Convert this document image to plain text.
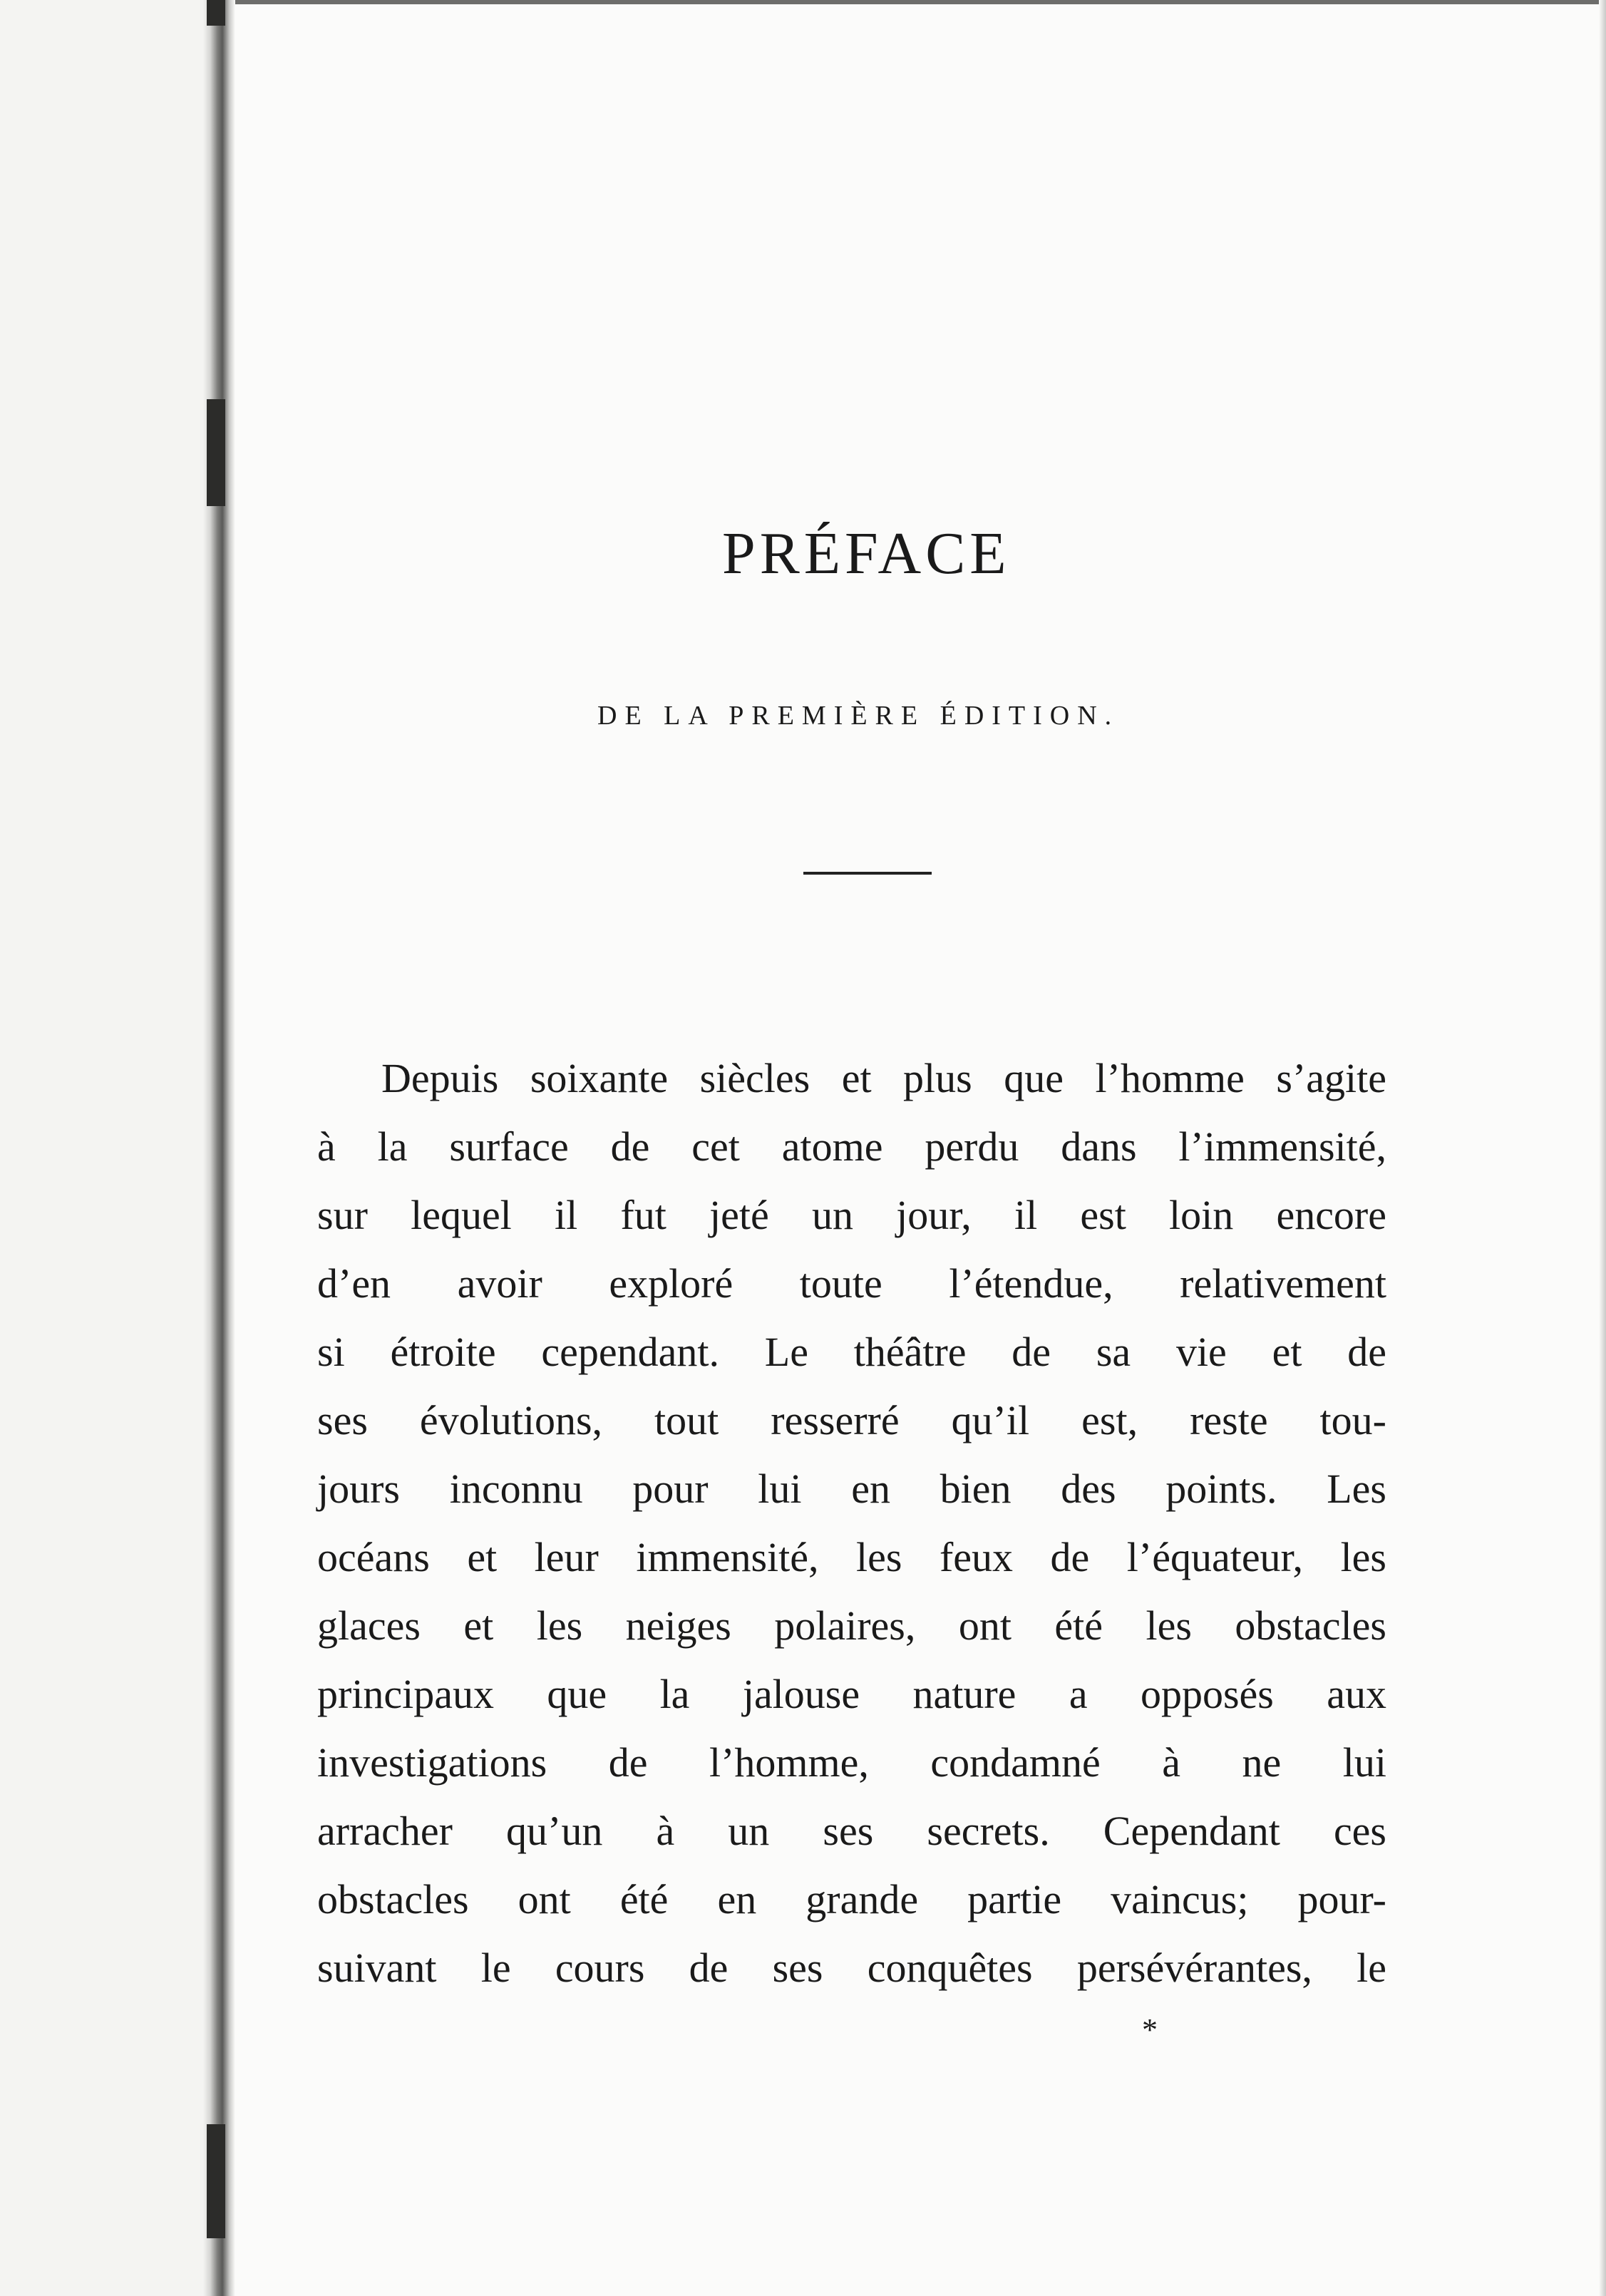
PRÉFACE
DE LA PREMIÈRE ÉDITION.
Depuis soixante siècles et plus que l’homme s’agite
à la surface de cet atome perdu dans l’immensité,
sur lequel il fut jeté un jour, il est loin encore
d’en avoir exploré toute l’étendue, relativement
si étroite cependant. Le théâtre de sa vie et de
ses évolutions, tout resserré qu’il est, reste tou-
jours inconnu pour lui en bien des points. Les
océans et leur immensité, les feux de l’équateur, les
glaces et les neiges polaires, ont été les obstacles
principaux que la jalouse nature a opposés aux
investigations de l’homme, condamné à ne lui
arracher qu’un à un ses secrets. Cependant ces
obstacles ont été en grande partie vaincus; pour-
suivant le cours de ses conquêtes persévérantes, le
*
